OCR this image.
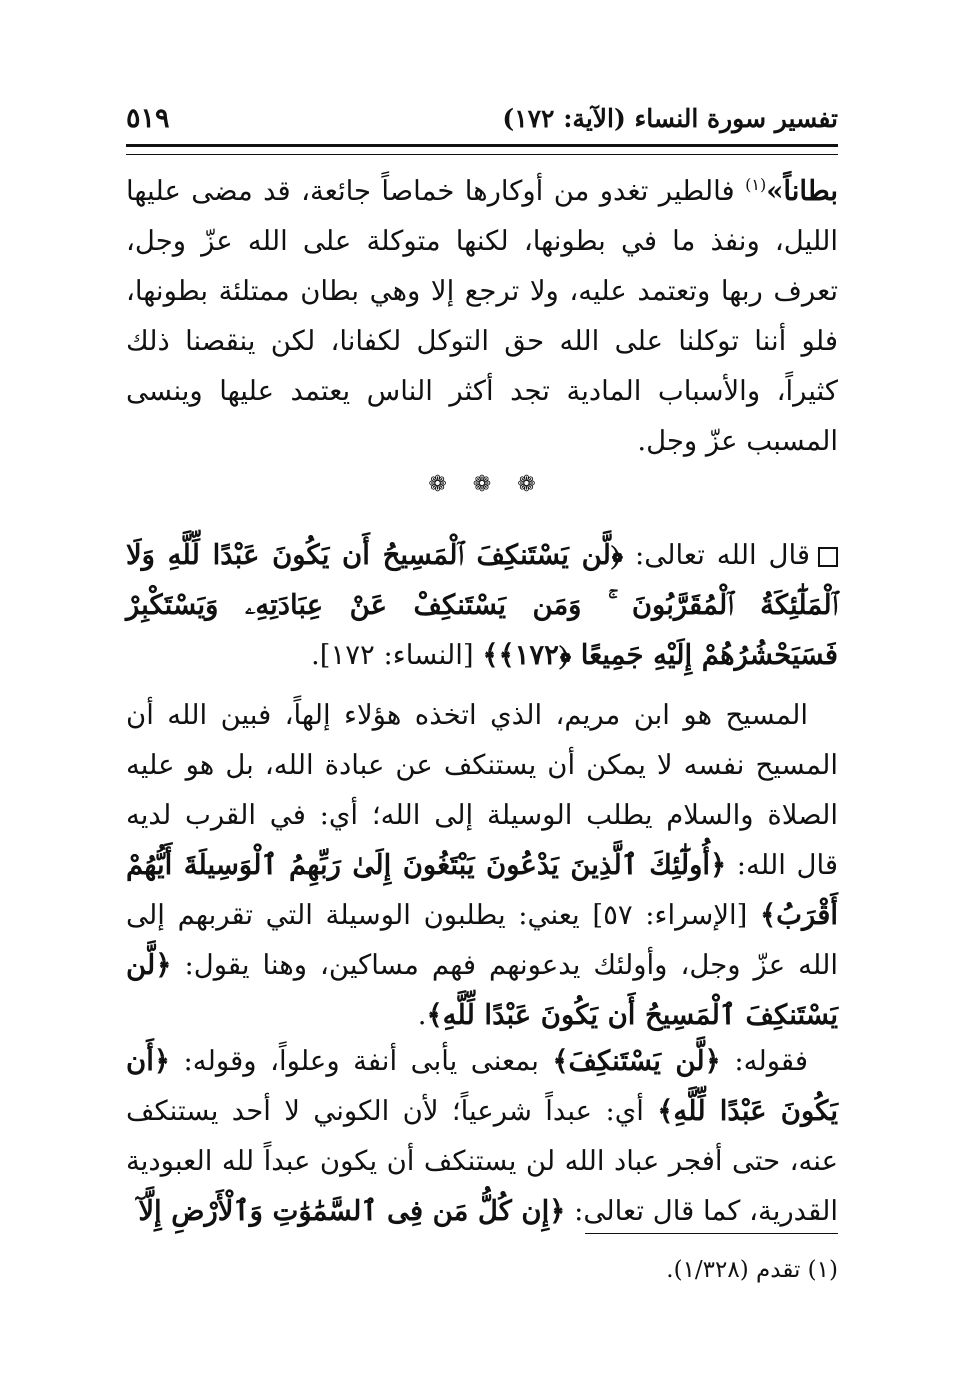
تفسير سورة النساء (الآية: ١٧٢)
٥١٩

بطاناً»$^{(١)}$ فالطير تغدو من أوكارها خماصاً جائعة، قد مضى عليها الليل، ونفذ ما في بطونها، لكنها متوكلة على الله عزّ وجل، تعرف ربها وتعتمد عليه، ولا ترجع إلا وهي بطان ممتلئة بطونها، فلو أننا توكلنا على الله حق التوكل لكفانا، لكن ينقصنا ذلك كثيراً، والأسباب المادية تجد أكثر الناس يعتمد عليها وينسى المسبب عزّ وجل.

❁ ❁ ❁

قال الله تعالى: ﴿لَّن يَسْتَنكِفَ ٱلْمَسِيحُ أَن يَكُونَ عَبْدًا لِّلَّهِ وَلَا ٱلْمَلَٰٓئِكَةُ ٱلْمُقَرَّبُونَ ۚ وَمَن يَسْتَنكِفْ عَنْ عِبَادَتِهِۦ وَيَسْتَكْبِرْ فَسَيَحْشُرُهُمْ إِلَيْهِ جَمِيعًا ﴿١٧٢﴾﴾ [النساء: ١٧٢].

المسيح هو ابن مريم، الذي اتخذه هؤلاء إلهاً، فبين الله أن المسيح نفسه لا يمكن أن يستنكف عن عبادة الله، بل هو عليه الصلاة والسلام يطلب الوسيلة إلى الله؛ أي: في القرب لديه قال الله: ﴿أُولَٰٓئِكَ ٱلَّذِينَ يَدْعُونَ يَبْتَغُونَ إِلَىٰ رَبِّهِمُ ٱلْوَسِيلَةَ أَيُّهُمْ أَقْرَبُ﴾ [الإسراء: ٥٧] يعني: يطلبون الوسيلة التي تقربهم إلى الله عزّ وجل، وأولئك يدعونهم فهم مساكين، وهنا يقول: ﴿لَّن يَسْتَنكِفَ ٱلْمَسِيحُ أَن يَكُونَ عَبْدًا لِّلَّهِ﴾.

فقوله: ﴿لَّن يَسْتَنكِفَ﴾ بمعنى يأبى أنفة وعلواً، وقوله: ﴿أَن يَكُونَ عَبْدًا لِّلَّهِ﴾ أي: عبداً شرعياً؛ لأن الكوني لا أحد يستنكف عنه، حتى أفجر عباد الله لن يستنكف أن يكون عبداً لله العبودية القدرية، كما قال تعالى: ﴿إِن كُلُّ مَن فِى ٱلسَّمَٰوَٰتِ وَٱلْأَرْضِ إِلَّآ

(١) تقدم (١/٣٢٨).
